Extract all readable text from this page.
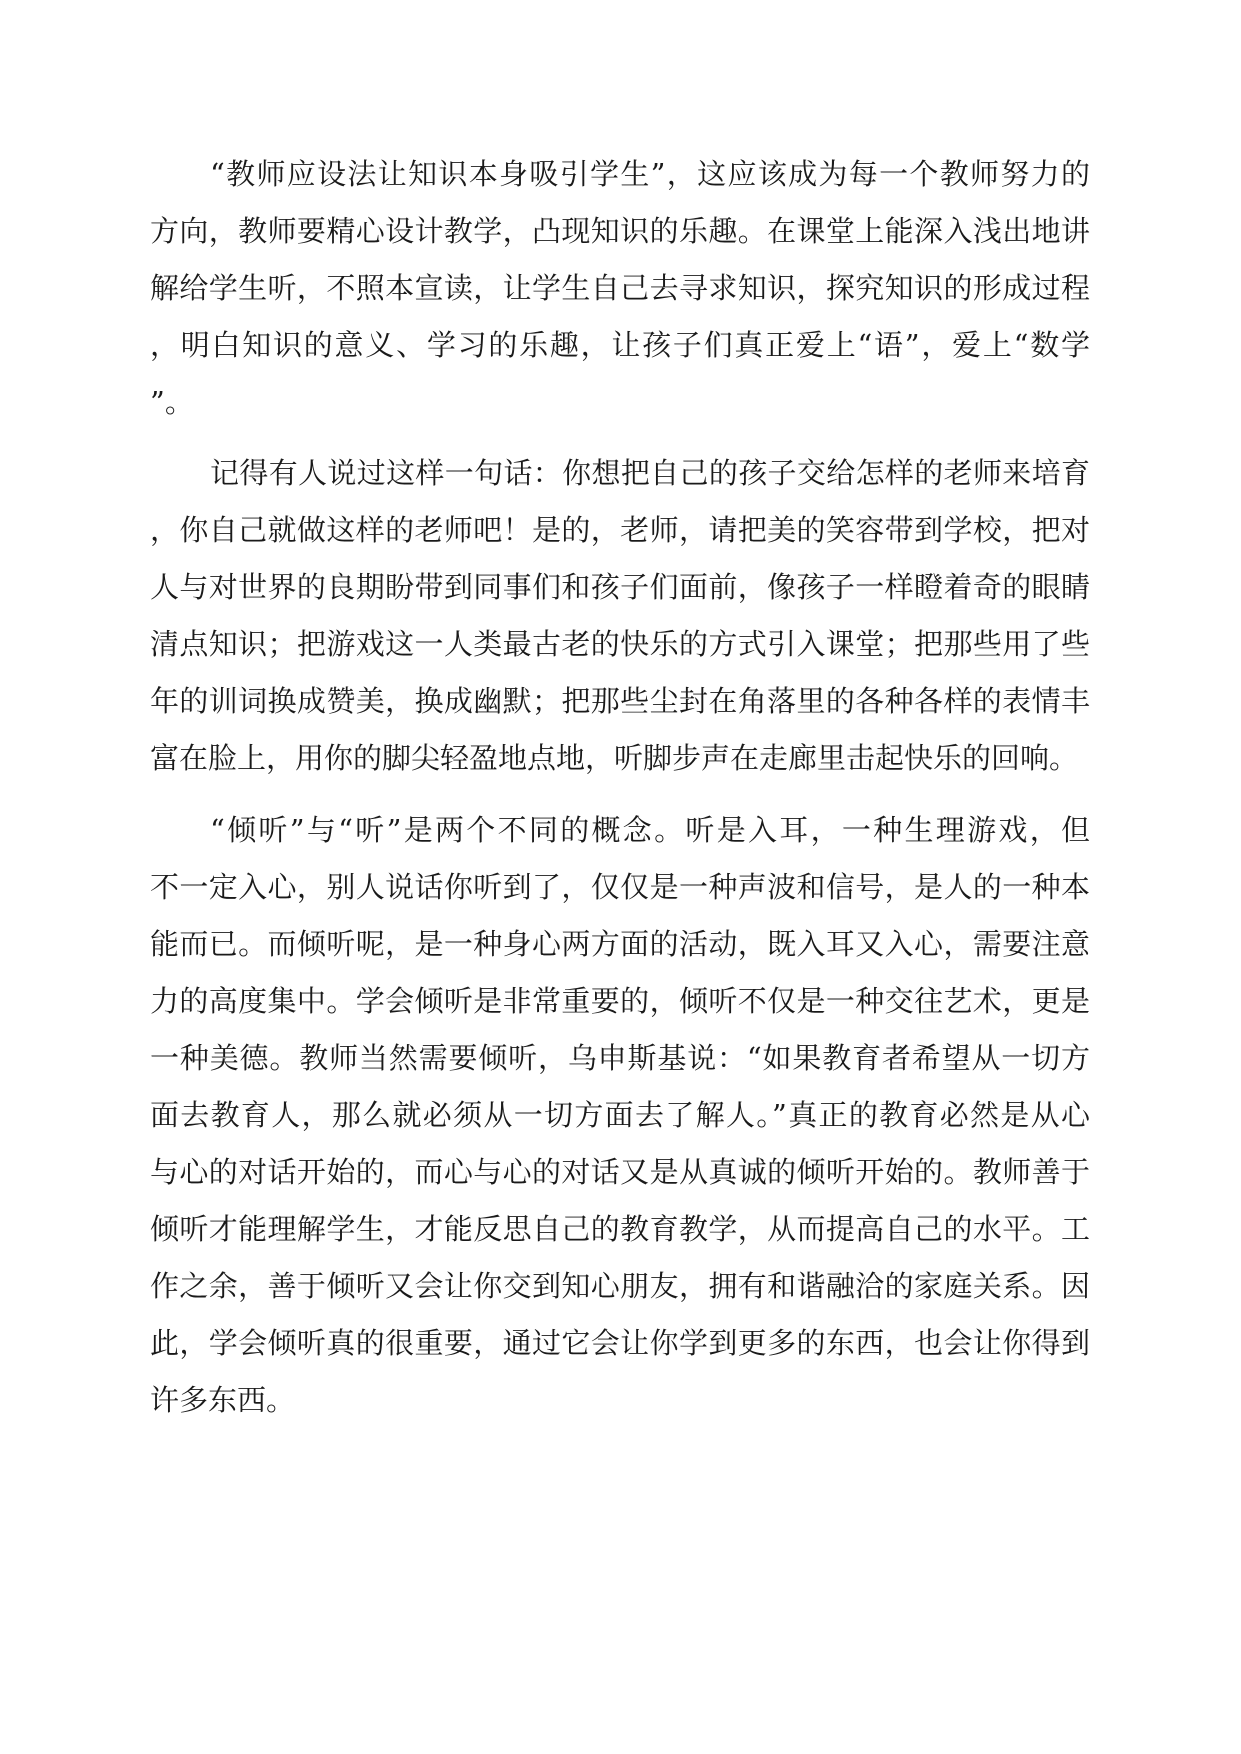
“教师应设法让知识本身吸引学生”，这应该成为每一个教师努力的
方向，教师要精心设计教学，凸现知识的乐趣。在课堂上能深入浅出地讲
解给学生听，不照本宣读，让学生自己去寻求知识，探究知识的形成过程
，明白知识的意义、学习的乐趣，让孩子们真正爱上“语”，爱上“数学
”。
记得有人说过这样一句话：你想把自己的孩子交给怎样的老师来培育
，你自己就做这样的老师吧！是的，老师，请把美的笑容带到学校，把对
人与对世界的良期盼带到同事们和孩子们面前，像孩子一样瞪着奇的眼睛
清点知识；把游戏这一人类最古老的快乐的方式引入课堂；把那些用了些
年的训词换成赞美，换成幽默；把那些尘封在角落里的各种各样的表情丰
富在脸上，用你的脚尖轻盈地点地，听脚步声在走廊里击起快乐的回响。
“倾听”与“听”是两个不同的概念。听是入耳，一种生理游戏，但
不一定入心，别人说话你听到了，仅仅是一种声波和信号，是人的一种本
能而已。而倾听呢，是一种身心两方面的活动，既入耳又入心，需要注意
力的高度集中。学会倾听是非常重要的，倾听不仅是一种交往艺术，更是
一种美德。教师当然需要倾听，乌申斯基说：“如果教育者希望从一切方
面去教育人，那么就必须从一切方面去了解人。”真正的教育必然是从心
与心的对话开始的，而心与心的对话又是从真诚的倾听开始的。教师善于
倾听才能理解学生，才能反思自己的教育教学，从而提高自己的水平。工
作之余，善于倾听又会让你交到知心朋友，拥有和谐融洽的家庭关系。因
此，学会倾听真的很重要，通过它会让你学到更多的东西，也会让你得到
许多东西。
